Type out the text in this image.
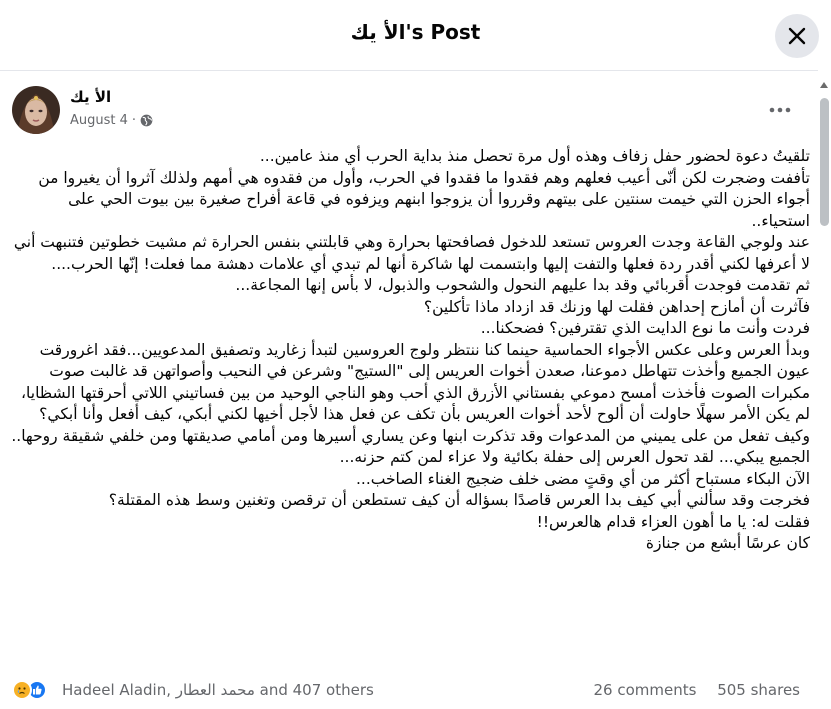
الأ يك's Post
الأ يك
August 4 ·

تلقيتُ دعوة لحضور حفل زفاف وهذه أول مرة تحصل منذ بداية الحرب أي منذ عامين...

تأففت وضجرت لكن أنّى أعيب فعلهم وهم فقدوا ما فقدوا في الحرب، وأول من فقدوه هي أمهم ولذلك آثروا أن يغيروا من أجواء الحزن التي خيمت سنتين على بيتهم وقرروا أن يزوجوا ابنهم ويزفوه في قاعة أفراح صغيرة بين بيوت الحي على استحياء..

عند ولوجي القاعة وجدت العروس تستعد للدخول فصافحتها بحرارة وهي قابلتني بنفس الحرارة ثم مشيت خطوتين فتنبهت أني لا أعرفها لكني أقدر ردة فعلها والتفت إليها وابتسمت لها شاكرة أنها لم تبدي أي علامات دهشة مما فعلت! إنّها الحرب....

ثم تقدمت فوجدت أقربائي وقد بدا عليهم النحول والشحوب والذبول، لا بأس إنها المجاعة...

فآثرت أن أمازح إحداهن فقلت لها وزنك قد ازداد ماذا تأكلين؟

فردت وأنت ما نوع الدايت الذي تقترفين؟ فضحكنا...

وبدأ العرس وعلى عكس الأجواء الحماسية حينما كنا ننتظر ولوج العروسين لتبدأ زغاريد وتصفيق المدعويين...فقد اغرورقت عيون الجميع وأخذت تتهاطل دموعنا، صعدن أخوات العريس إلى "الستيج" وشرعن في النحيب وأصواتهن قد غالبت صوت مكبرات الصوت فأخذت أمسح دموعي بفستاني الأزرق الذي أحب وهو الناجي الوحيد من بين فساتيني اللاتي أحرقتها الشظايا، لم يكن الأمر سهلًا حاولت أن ألوح لأحد أخوات العريس بأن تكف عن فعل هذا لأجل أخيها لكني أبكي، كيف أفعل وأنا أبكي؟ وكيف تفعل من على يميني من المدعوات وقد تذكرت ابنها وعن يساري أسيرها ومن أمامي صديقتها ومن خلفي شقيقة روحها..

الجميع يبكي... لقد تحول العرس إلى حفلة بكائية ولا عزاء لمن كتم حزنه...

الآن البكاء مستباح أكثر من أي وقتٍ مضى خلف ضجيج الغناء الصاخب...

فخرجت وقد سألني أبي كيف بدا العرس قاصدًا بسؤاله أن كيف تستطعن أن ترقصن وتغنين وسط هذه المقتلة؟

فقلت له: يا ما أهون العزاء قدام هالعرس!!

كان عرسًا أبشع من جنازة

Hadeel Aladin, محمد العطار and 407 others	26 comments 505 shares
